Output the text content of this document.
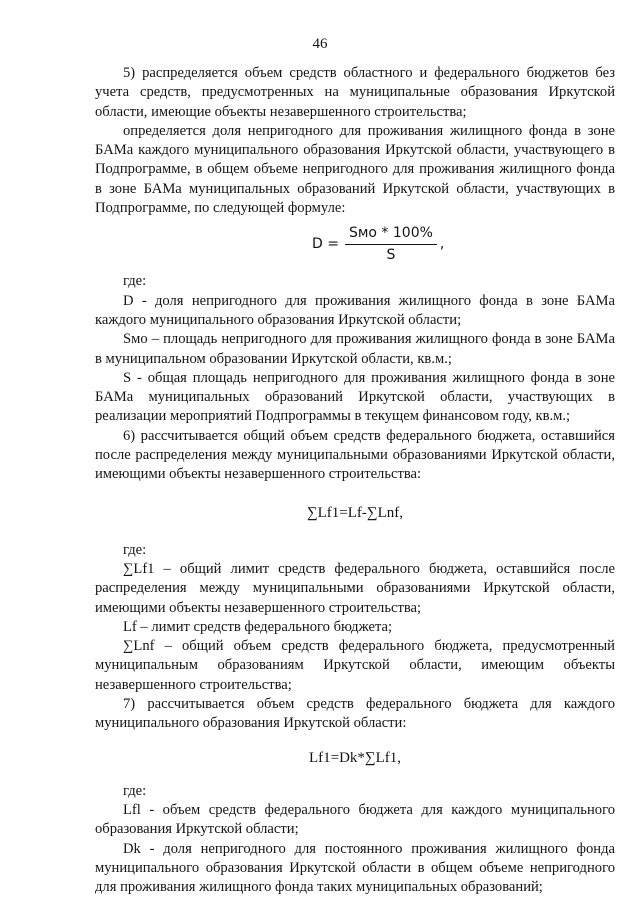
46

5) распределяется объем средств областного и федерального бюджетов без учета средств, предусмотренных на муниципальные образования Иркутской области, имеющие объекты незавершенного строительства;

определяется доля непригодного для проживания жилищного фонда в зоне БАМа каждого муниципального образования Иркутской области, участвующего в Подпрограмме, в общем объеме непригодного для проживания жилищного фонда в зоне БАМа муниципальных образований Иркутской области, участвующих в Подпрограмме, по следующей формуле:

$D = \frac{\text{Sмо * 100\%}}{S}$ ,

где:

D - доля непригодного для проживания жилищного фонда в зоне БАМа каждого муниципального образования Иркутской области;

Sмо – площадь непригодного для проживания жилищного фонда в зоне БАМа в муниципальном образовании Иркутской области, кв.м.;

S - общая площадь непригодного для проживания жилищного фонда в зоне БАМа муниципальных образований Иркутской области, участвующих в реализации мероприятий Подпрограммы в текущем финансовом году, кв.м.;

6) рассчитывается общий объем средств федерального бюджета, оставшийся после распределения между муниципальными образованиями Иркутской области, имеющими объекты незавершенного строительства:

∑Lf1=Lf-∑Lnf,

где:

∑Lf1 – общий лимит средств федерального бюджета, оставшийся после распределения между муниципальными образованиями Иркутской области, имеющими объекты незавершенного строительства;

Lf – лимит средств федерального бюджета;

∑Lnf – общий объем средств федерального бюджета, предусмотренный муниципальным образованиям Иркутской области, имеющим объекты незавершенного строительства;

7) рассчитывается объем средств федерального бюджета для каждого муниципального образования Иркутской области:

Lf1=Dk*∑Lf1,

где:

Lfl - объем средств федерального бюджета для каждого муниципального образования Иркутской области;

Dk - доля непригодного для постоянного проживания жилищного фонда муниципального образования Иркутской области в общем объеме непригодного для проживания жилищного фонда таких муниципальных образований;
